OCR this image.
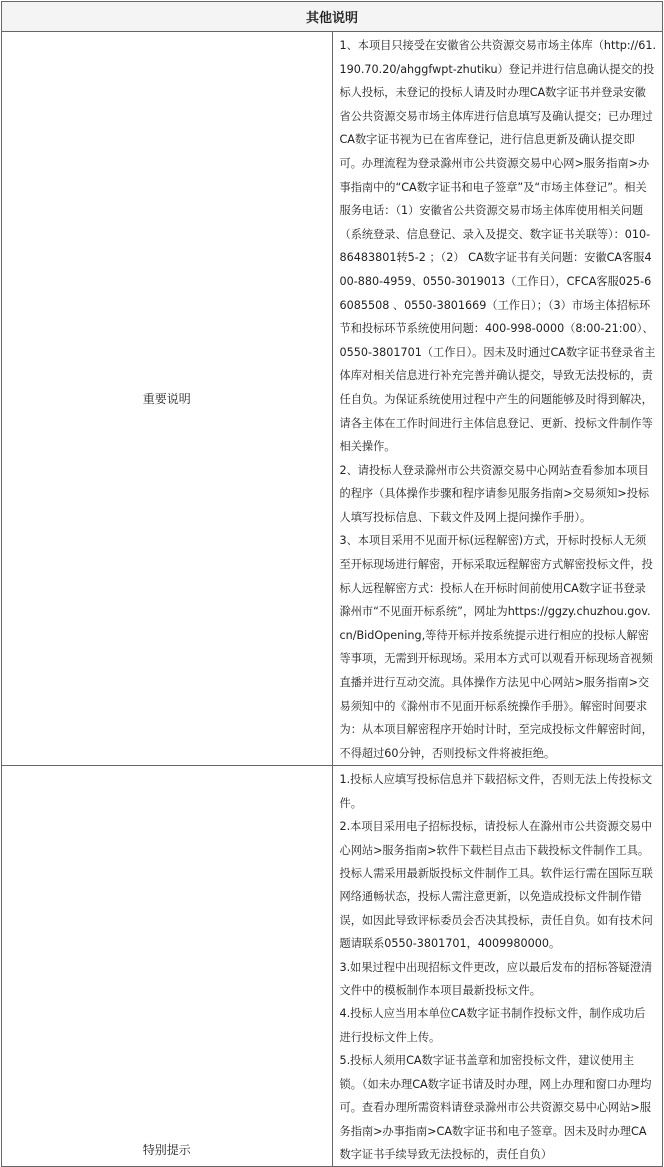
其他说明	
重要说明	1、本项目只接受在安徽省公共资源交易市场主体库（http://61.190.70.20/ahggfwpt-zhutiku）登记并进行信息确认提交的投标人投标，未登记的投标人请及时办理CA数字证书并登录安徽省公共资源交易市场主体库进行信息填写及确认提交；已办理过CA数字证书视为已在省库登记，进行信息更新及确认提交即可。办理流程为登录滁州市公共资源交易中心网>服务指南>办事指南中的“CA数字证书和电子签章”及“市场主体登记”。相关服务电话：（1）安徽省公共资源交易市场主体库使用相关问题（系统登录、信息登记、录入及提交、数字证书关联等）：010-86483801转5-2 ；（2） CA数字证书有关问题：安徽CA客服400-880-4959、0550-3019013（工作日），CFCA客服025-66085508 、0550-3801669（工作日）；（3）市场主体招标环节和投标环节系统使用问题：400-998-0000（8:00-21:00）、0550-3801701（工作日）。因未及时通过CA数字证书登录省主体库对相关信息进行补充完善并确认提交，导致无法投标的，责任自负。为保证系统使用过程中产生的问题能够及时得到解决，请各主体在工作时间进行主体信息登记、更新、投标文件制作等相关操作。

2、请投标人登录滁州市公共资源交易中心网站查看参加本项目的程序（具体操作步骤和程序请参见服务指南>交易须知>投标人填写投标信息、下载文件及网上提问操作手册）。

3、本项目采用不见面开标(远程解密)方式，开标时投标人无须至开标现场进行解密，开标采取远程解密方式解密投标文件，投标人远程解密方式：投标人在开标时间前使用CA数字证书登录滁州市“不见面开标系统”，网址为https://ggzy.chuzhou.gov.cn/BidOpening,等待开标并按系统提示进行相应的投标人解密等事项，无需到开标现场。采用本方式可以观看开标现场音视频直播并进行互动交流。具体操作方法见中心网站>服务指南>交易须知中的《滁州市不见面开标系统操作手册》。解密时间要求为：从本项目解密程序开始时计时，至完成投标文件解密时间，不得超过60分钟，否则投标文件将被拒绝。

特别提示	1.投标人应填写投标信息并下载招标文件，否则无法上传投标文件。

2.本项目采用电子招标投标，请投标人在滁州市公共资源交易中心网站>服务指南>软件下载栏目点击下载投标文件制作工具。投标人需采用最新版投标文件制作工具。软件运行需在国际互联网络通畅状态，投标人需注意更新，以免造成投标文件制作错误，如因此导致评标委员会否决其投标，责任自负。如有技术问题请联系0550-3801701，4009980000。

3.如果过程中出现招标文件更改，应以最后发布的招标答疑澄清文件中的模板制作本项目最新投标文件。

4.投标人应当用本单位CA数字证书制作投标文件，制作成功后进行投标文件上传。

5.投标人须用CA数字证书盖章和加密投标文件，建议使用主锁。（如未办理CA数字证书请及时办理，网上办理和窗口办理均可。查看办理所需资料请登录滁州市公共资源交易中心网站>服务指南>办事指南>CA数字证书和电子签章。因未及时办理CA数字证书手续导致无法投标的，责任自负）
